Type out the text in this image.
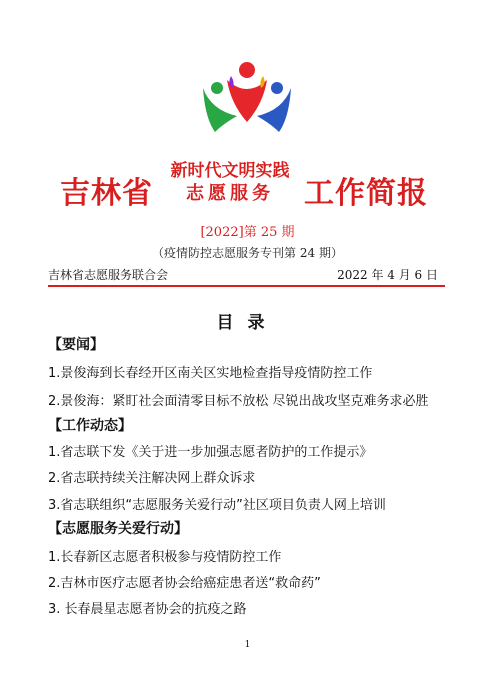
吉林省
新时代文明实践
志愿服务	工作简报
[2022]第 25 期
（疫情防控志愿服务专刊第 24 期）
吉林省志愿服务联合会	2022 年 4 月 6 日
目录
【要闻】
1.景俊海到长春经开区南关区实地检查指导疫情防控工作
2.景俊海：紧盯社会面清零目标不放松 尽锐出战攻坚克难务求必胜
【工作动态】
1.省志联下发《关于进一步加强志愿者防护的工作提示》
2.省志联持续关注解决网上群众诉求
3.省志联组织“志愿服务关爱行动”社区项目负责人网上培训
【志愿服务关爱行动】
1.长春新区志愿者积极参与疫情防控工作
2.吉林市医疗志愿者协会给癌症患者送“救命药”
3. 长春晨星志愿者协会的抗疫之路
1
